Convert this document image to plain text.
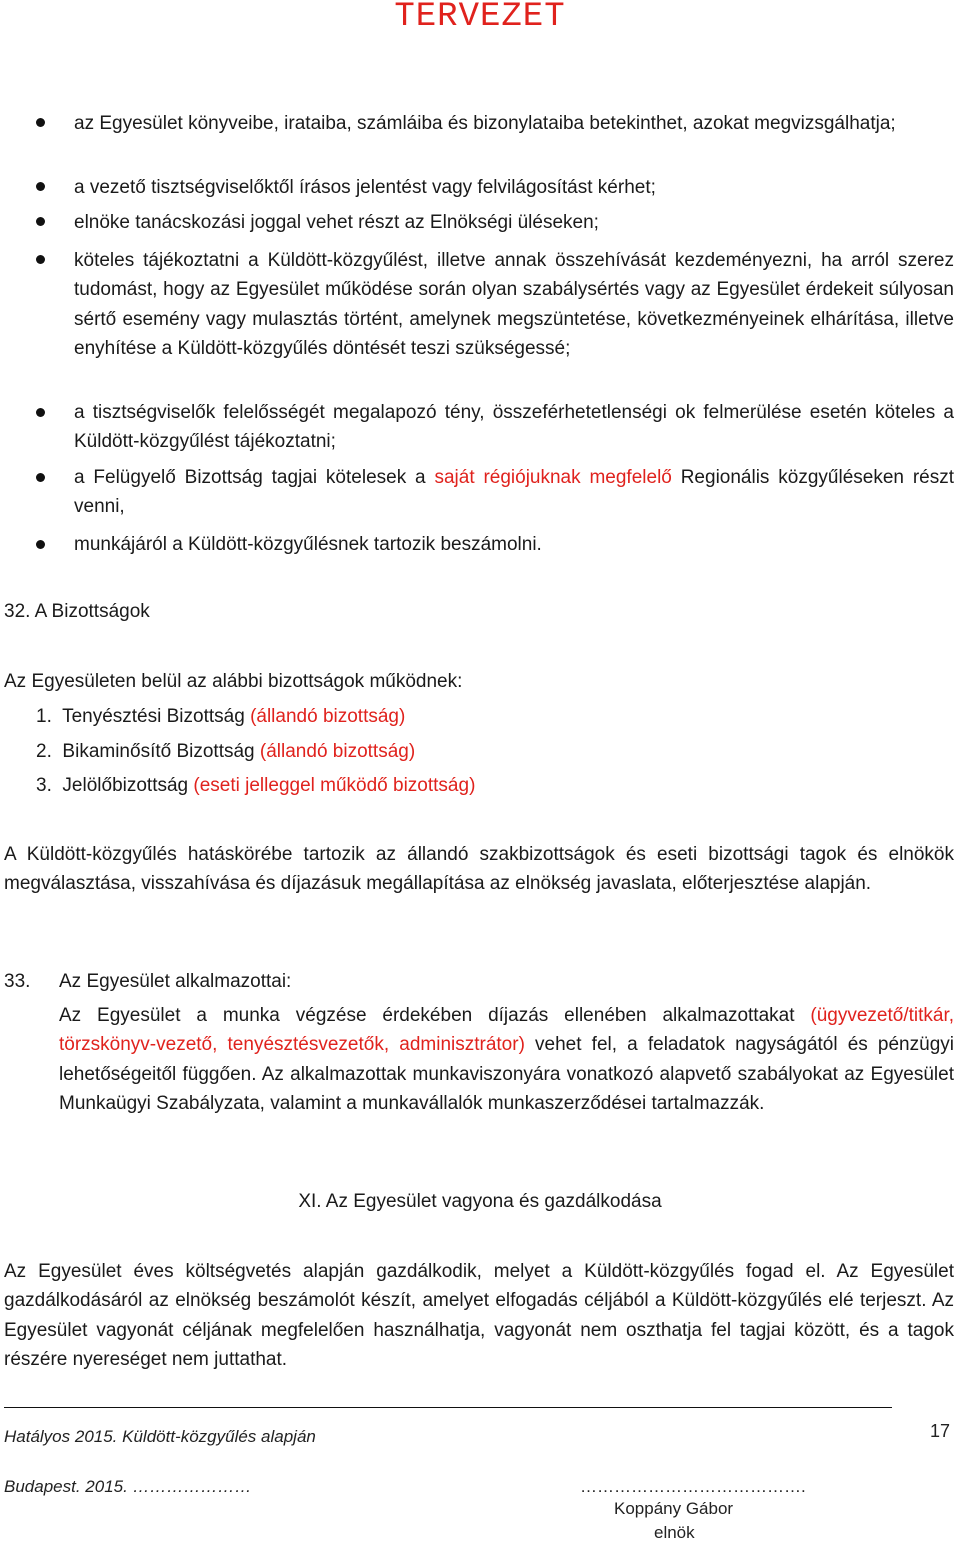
TERVEZET
az Egyesület könyveibe, irataiba, számláiba és bizonylataiba betekinthet, azokat megvizsgálhatja;
a vezető tisztségviselőktől írásos jelentést vagy felvilágosítást kérhet;
elnöke tanácskozási joggal vehet részt az Elnökségi üléseken;
köteles tájékoztatni a Küldött-közgyűlést, illetve annak összehívását kezdeményezni, ha arról szerez tudomást, hogy az Egyesület működése során olyan szabálysértés vagy az Egyesület érdekeit súlyosan sértő esemény vagy mulasztás történt, amelynek megszüntetése, következményeinek elhárítása, illetve enyhítése a Küldött-közgyűlés döntését teszi szükségessé;
a tisztségviselők felelősségét megalapozó tény, összeférhetetlenségi ok felmerülése esetén köteles a Küldött-közgyűlést tájékoztatni;
a Felügyelő Bizottság tagjai kötelesek a saját régiójuknak megfelelő Regionális közgyűléseken részt venni,
munkájáról a Küldött-közgyűlésnek tartozik beszámolni.
32. A Bizottságok
Az Egyesületen belül az alábbi bizottságok működnek:
1. Tenyésztési Bizottság (állandó bizottság)
2. Bikaminősítő Bizottság (állandó bizottság)
3. Jelölőbizottság (eseti jelleggel működő bizottság)
A Küldött-közgyűlés hatáskörébe tartozik az állandó szakbizottságok és eseti bizottsági tagok és elnökök megválasztása, visszahívása és díjazásuk megállapítása az elnökség javaslata, előterjesztése alapján.
33. Az Egyesület alkalmazottai:
Az Egyesület a munka végzése érdekében díjazás ellenében alkalmazottakat (ügyvezető/titkár, törzskönyv-vezető, tenyésztésvezetők, adminisztrátor) vehet fel, a feladatok nagyságától és pénzügyi lehetőségeitől függően. Az alkalmazottak munkaviszonyára vonatkozó alapvető szabályokat az Egyesület Munkaügyi Szabályzata, valamint a munkavállalók munkaszerződései tartalmazzák.
XI. Az Egyesület vagyona és gazdálkodása
Az Egyesület éves költségvetés alapján gazdálkodik, melyet a Küldött-közgyűlés fogad el. Az Egyesület gazdálkodásáról az elnökség beszámolót készít, amelyet elfogadás céljából a Küldött-közgyűlés elé terjeszt. Az Egyesület vagyonát céljának megfelelően használhatja, vagyonát nem oszthatja fel tagjai között, és a tagok részére nyereséget nem juttathat.
Hatályos 2015. Küldött-közgyűlés alapján	17
Budapest. 2015. …………………	………………………………….
Koppány Gábor
elnök
